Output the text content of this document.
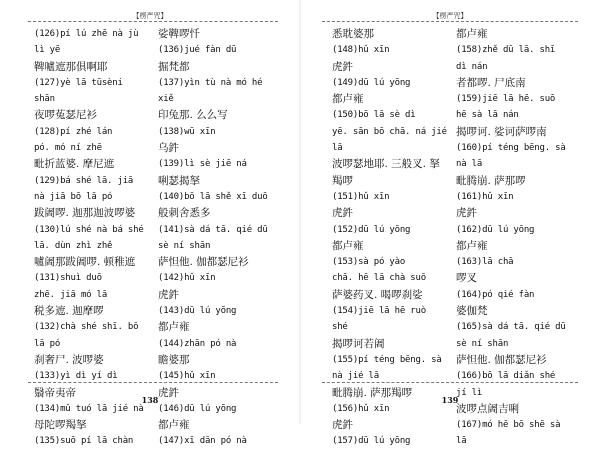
【楞严咒】
(126)pí lú zhē nà jù
lì yē
鞞嚧遮那俱啊耶
(127)yè lā tūsèni
shān
夜啰菟瑟尼衫
(128)pí zhé lán
pó. mó ní zhē
毗折蓝婆. 摩尼遮
(129)bá shé lā. jiā
nà jiā bō lā pó
跋阇啰. 迦那迦波啰婆
(130)lú shé nà bá shé
lā. dùn zhì zhě
嚧阇那跋阇啰. 顿稚遮
(131)shuì duō
zhē. jiā mó lā
税多遮. 迦摩啰
(132)chà shé shī. bō
lā pó
刹奢尸. 波啰婆
(133)yì dì yí dì
翳帝夷帝
(134)mǔ tuó lā jié nà
母陀啰羯拏
(135)suō pí lā chàn
娑鞞啰忏
(136)jué fàn dū
掘梵都
(137)yìn tù nà mó hé
xiě
印兔那. 么么写
(138)wū xīn
乌鈝
(139)lì sè jiē ná
唎瑟揭拏
(140)bō lā shě xī duō
般刺舍悉多
(141)sà dá tā. qié dū
sè ní shān
萨怛他. 伽都瑟尼衫
(142)hǔ xīn
虎鈝
(143)dū lú yōng
都卢雍
(144)zhān pó nà
瞻婆那
(145)hǔ xīn
虎鈝
(146)dū lú yōng
都卢雍
(147)xī dān pó nà
138
【楞严咒】
悉耽婆那
(148)hǔ xīn
虎鈝
(149)dū lú yōng
都卢雍
(150)bō lā sè dì
yē. sān bō chā. ná jié
lā
波啰瑟地耶. 三般叉. 拏
羯啰
(151)hǔ xīn
虎鈝
(152)dū lú yōng
都卢雍
(153)sà pó yào
chā. hē lā chà suō
萨婆药叉. 喝啰刹娑
(154)jiē lā hē ruò
shé
揭啰诃若阇
(155)pí téng bēng. sà
nà jié lā
毗腾崩. 萨那羯啰
(156)hǔ xīn
虎鈝
(157)dū lú yōng
都卢雍
(158)zhě dū lā. shī
dì nán
者都啰. 尸底南
(159)jiē lā hē. suō
hē sà lā nán
揭啰诃. 娑诃萨啰南
(160)pí téng bēng. sà
nà lā
毗腾崩. 萨那啰
(161)hǔ xīn
虎鈝
(162)dū lú yōng
都卢雍
(163)lā chā
啰叉
(164)pó qié fàn
婆伽梵
(165)sà dá tā. qié dū
sè ní shān
萨怛他. 伽都瑟尼衫
(166)bō lā diǎn shé
jí lì
波啰点阇吉唎
(167)mó hē bō shē sà
lā
139
